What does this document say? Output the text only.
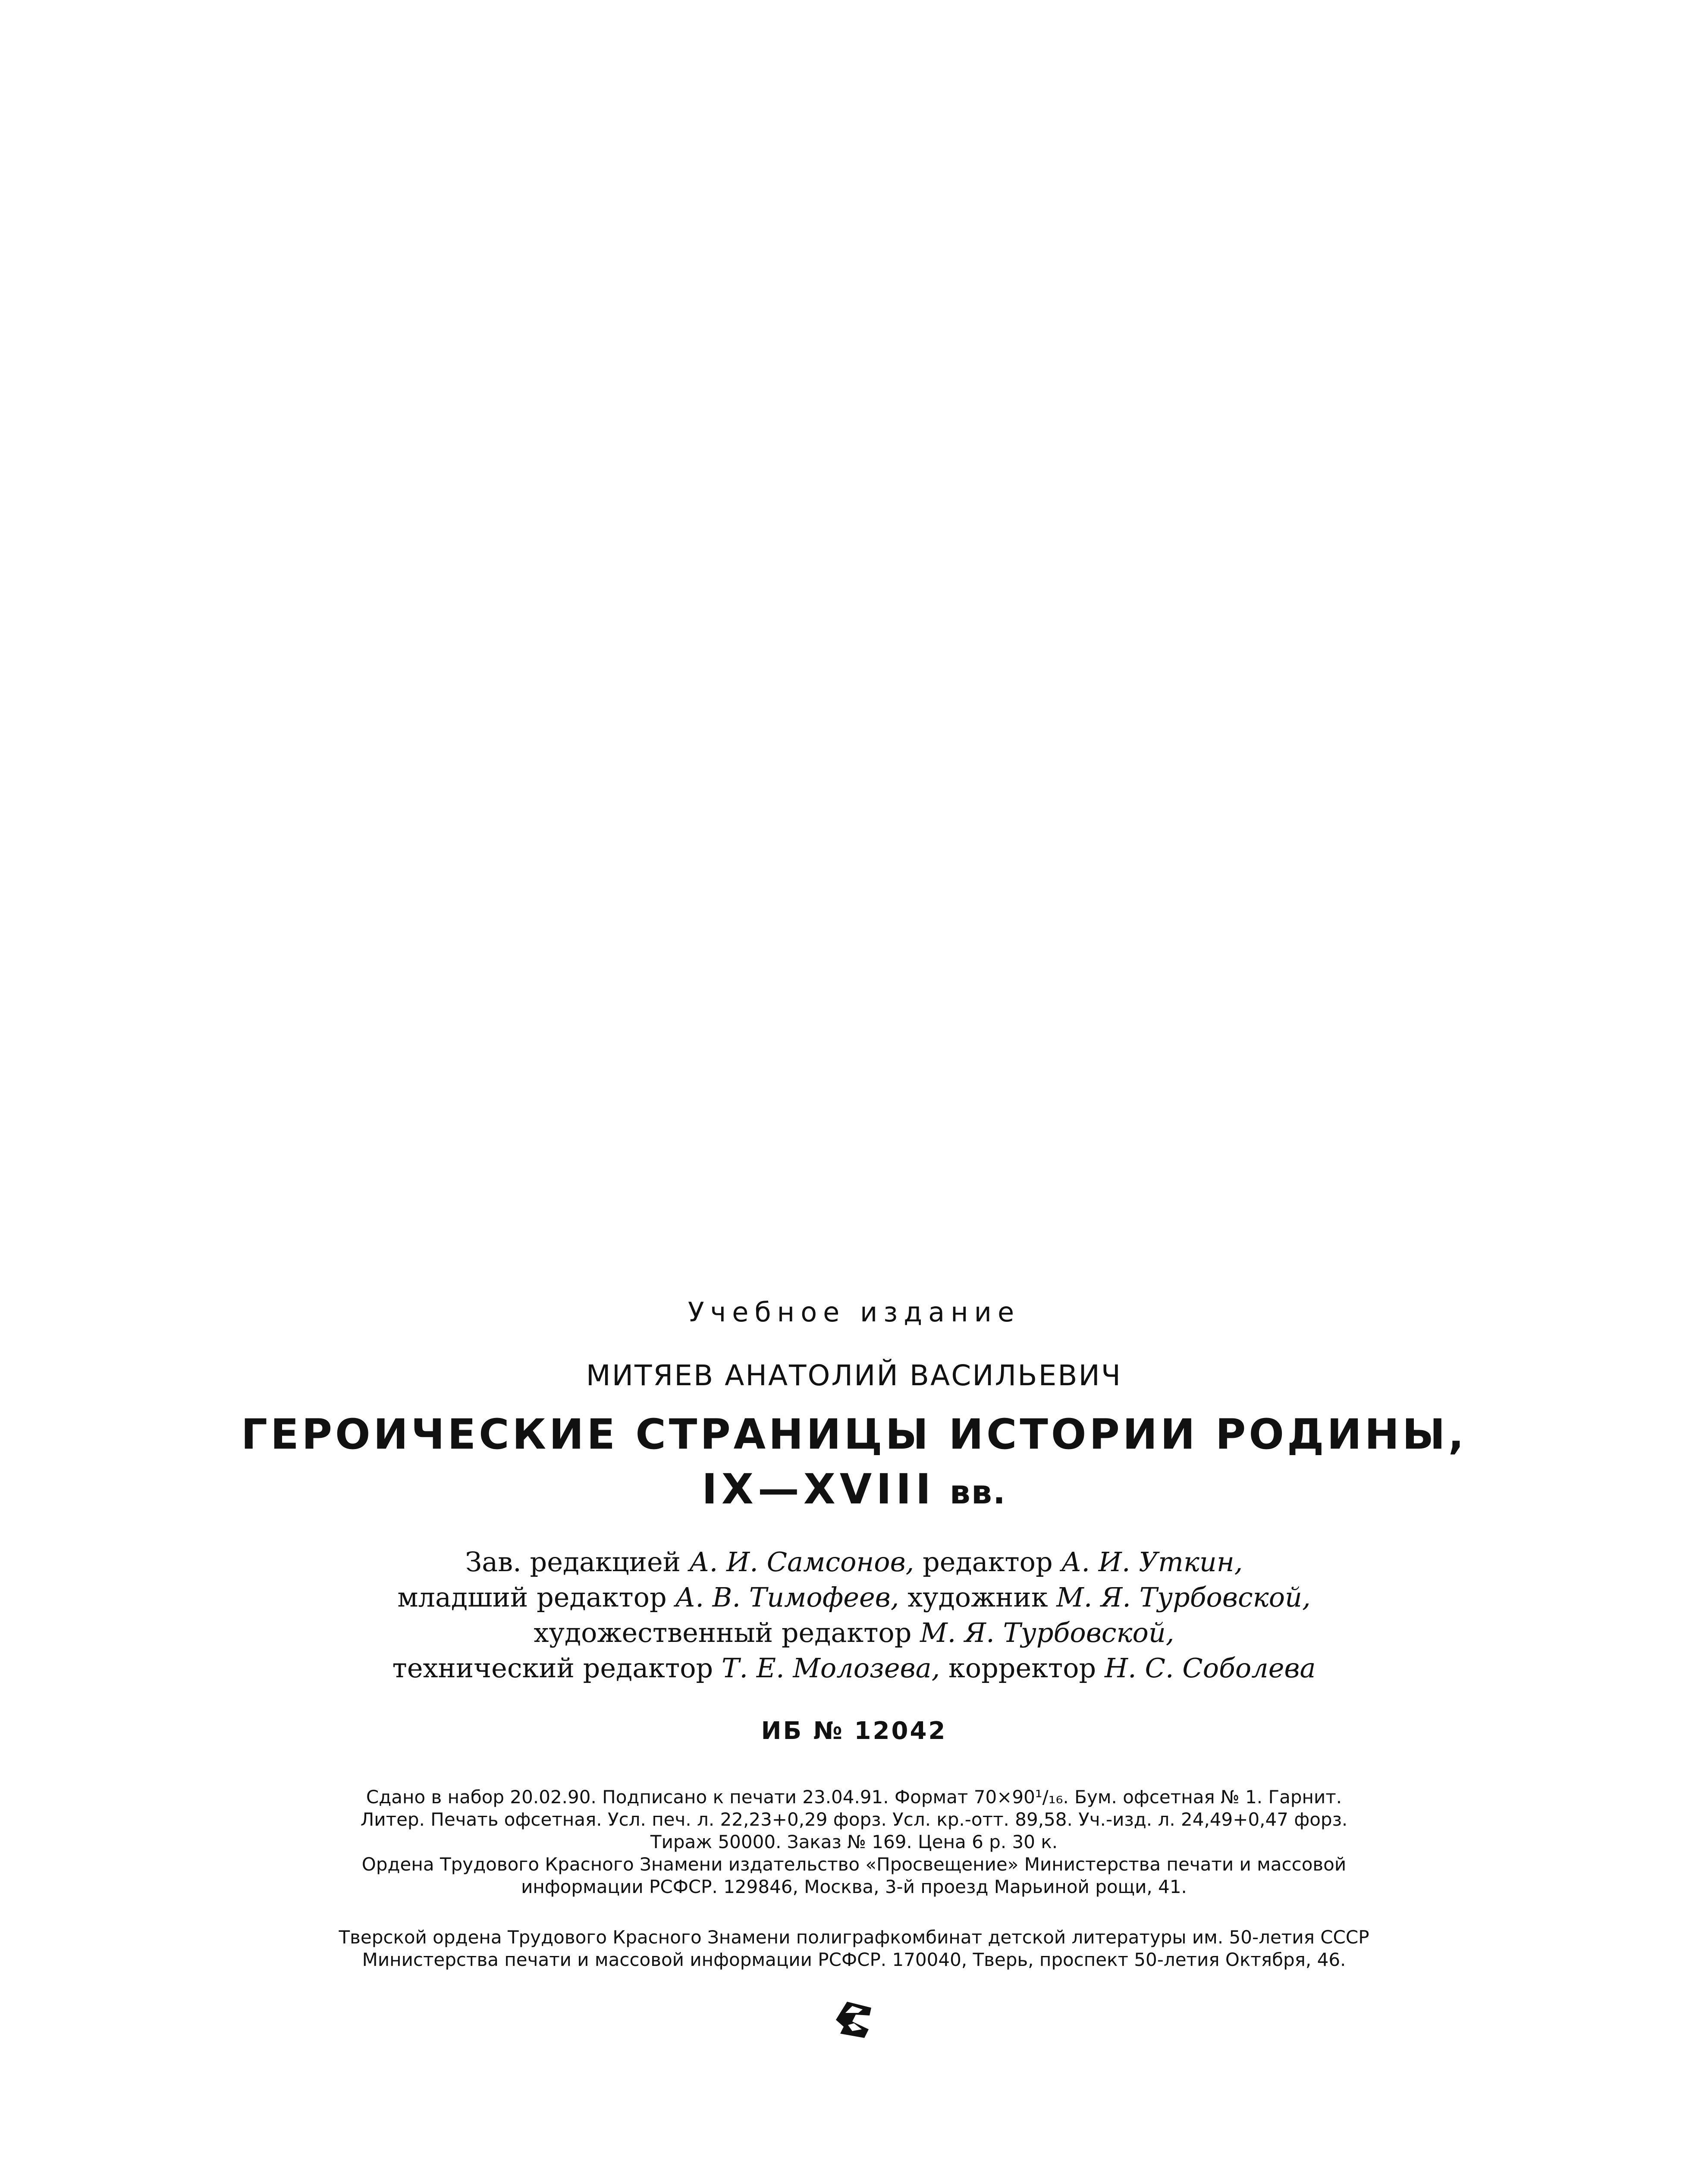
Учебное издание
МИТЯЕВ АНАТОЛИЙ ВАСИЛЬЕВИЧ
ГЕРОИЧЕСКИЕ СТРАНИЦЫ ИСТОРИИ РОДИНЫ,
IX—XVIII вв.
Зав. редакцией А. И. Самсонов, редактор А. И. Уткин,
младший редактор А. В. Тимофеев, художник М. Я. Турбовской,
художественный редактор М. Я. Турбовской,
технический редактор Т. Е. Молозева, корректор Н. С. Соболева
ИБ № 12042
Сдано в набор 20.02.90. Подписано к печати 23.04.91. Формат 70×90¹/₁₆. Бум. офсетная № 1. Гарнит.
Литер. Печать офсетная. Усл. печ. л. 22,23+0,29 форз. Усл. кр.-отт. 89,58. Уч.-изд. л. 24,49+0,47 форз.
Тираж 50000. Заказ № 169. Цена 6 р. 30 к.
Ордена Трудового Красного Знамени издательство «Просвещение» Министерства печати и массовой
информации РСФСР. 129846, Москва, 3-й проезд Марьиной рощи, 41.
Тверской ордена Трудового Красного Знамени полиграфкомбинат детской литературы им. 50-летия СССР
Министерства печати и массовой информации РСФСР. 170040, Тверь, проспект 50-летия Октября, 46.
